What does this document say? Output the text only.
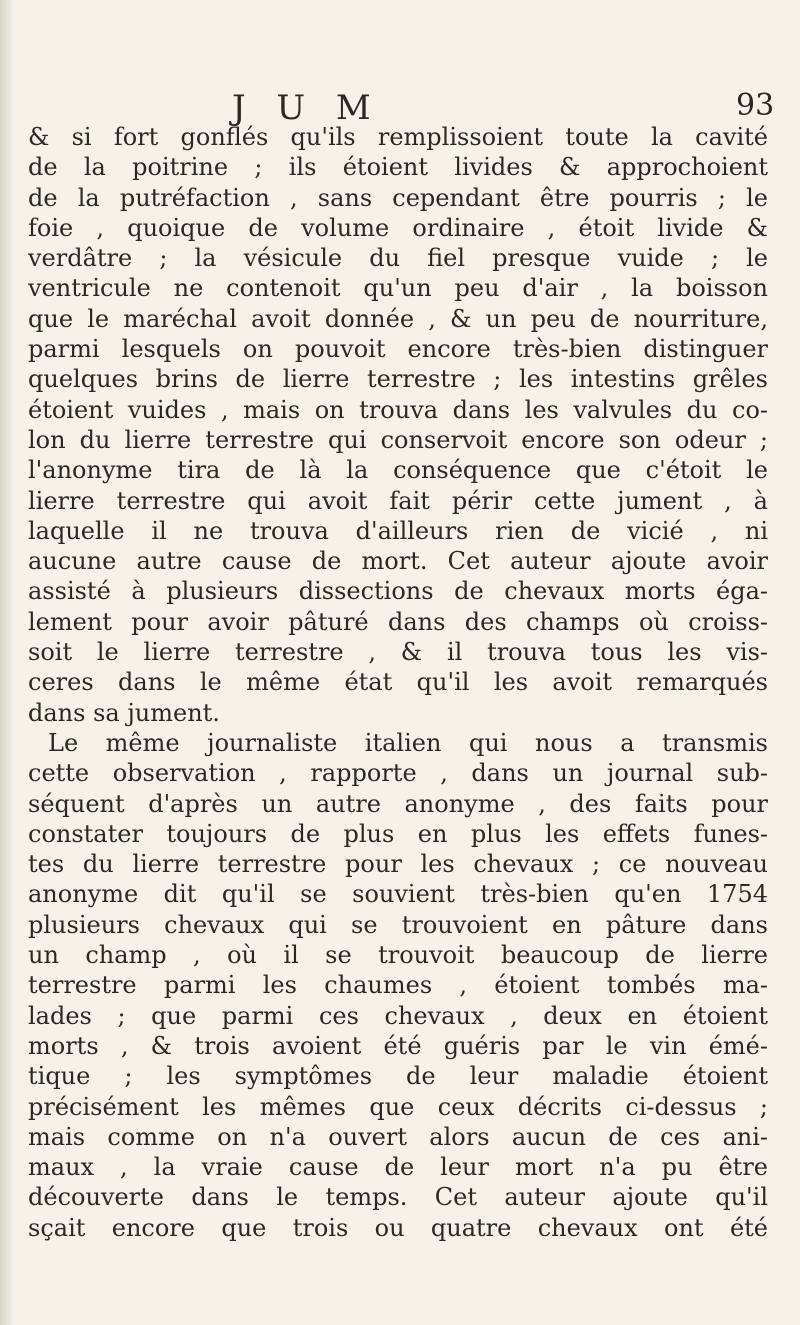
J U M	93
& si fort gonflés qu'ils remplissoient toute la cavité
de la poitrine ; ils étoient livides & approchoient
de la putréfaction , sans cependant être pourris ; le
foie , quoique de volume ordinaire , étoit livide &
verdâtre ; la vésicule du fiel presque vuide ; le
ventricule ne contenoit qu'un peu d'air , la boisson
que le maréchal avoit donnée , & un peu de nourriture,
parmi lesquels on pouvoit encore très-bien distinguer
quelques brins de lierre terrestre ; les intestins grêles
étoient vuides , mais on trouva dans les valvules du co-
lon du lierre terrestre qui conservoit encore son odeur ;
l'anonyme tira de là la conséquence que c'étoit le
lierre terrestre qui avoit fait périr cette jument , à
laquelle il ne trouva d'ailleurs rien de vicié , ni
aucune autre cause de mort. Cet auteur ajoute avoir
assisté à plusieurs dissections de chevaux morts éga-
lement pour avoir pâturé dans des champs où croiss-
soit le lierre terrestre , & il trouva tous les vis-
ceres dans le même état qu'il les avoit remarqués
dans sa jument.
Le même journaliste italien qui nous a transmis
cette observation , rapporte , dans un journal sub-
séquent d'après un autre anonyme , des faits pour
constater toujours de plus en plus les effets funes-
tes du lierre terrestre pour les chevaux ; ce nouveau
anonyme dit qu'il se souvient très-bien qu'en 1754
plusieurs chevaux qui se trouvoient en pâture dans
un champ , où il se trouvoit beaucoup de lierre
terrestre parmi les chaumes , étoient tombés ma-
lades ; que parmi ces chevaux , deux en étoient
morts , & trois avoient été guéris par le vin émé-
tique ; les symptômes de leur maladie étoient
précisément les mêmes que ceux décrits ci-dessus ;
mais comme on n'a ouvert alors aucun de ces ani-
maux , la vraie cause de leur mort n'a pu être
découverte dans le temps. Cet auteur ajoute qu'il
sçait encore que trois ou quatre chevaux ont été
